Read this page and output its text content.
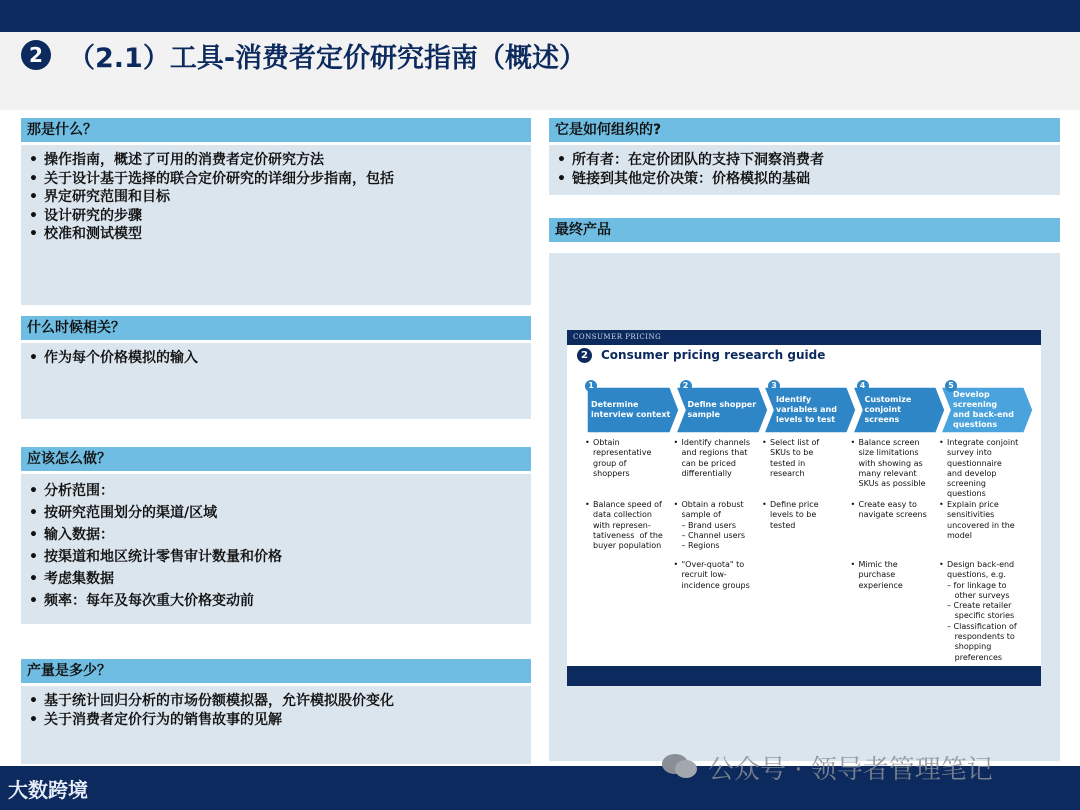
2 （2.1）工具-消费者定价研究指南（概述）
那是什么？
• 操作指南，概述了可用的消费者定价研究方法
• 关于设计基于选择的联合定价研究的详细分步指南，包括
• 界定研究范围和目标
• 设计研究的步骤
• 校准和测试模型
什么时候相关？
• 作为每个价格模拟的输入
应该怎么做？
• 分析范围：
• 按研究范围划分的渠道/区域
• 输入数据：
• 按渠道和地区统计零售审计数量和价格
• 考虑集数据
• 频率：每年及每次重大价格变动前
产量是多少？
• 基于统计回归分析的市场份额模拟器，允许模拟股价变化
• 关于消费者定价行为的销售故事的见解
它是如何组织的?
• 所有者：在定价团队的支持下洞察消费者
• 链接到其他定价决策：价格模拟的基础
最终产品
CONSUMER PRICING
2	Consumer pricing research guide
Determine
interview context
1
• Obtain
representative
group of
shoppers
• Balance speed of
data collection
with represen-
tativeness  of the
buyer population
Define shopper
sample
2
• Identify channels
and regions that
can be priced
differentially
• Obtain a robust
sample of
– Brand users
– Channel users
– Regions
• "Over-quota" to
recruit low-
incidence groups
Identify
variables and
levels to test
3
• Select list of
SKUs to be
tested in
research
• Define price
levels to be
tested
Customize
conjoint
screens
4
• Balance screen
size limitations
with showing as
many relevant
SKUs as possible
• Create easy to
navigate screens
• Mimic the
purchase
experience
Develop
screening
and back-end
questions
5
• Integrate conjoint
survey into
questionnaire
and develop
screening
questions
• Explain price
sensitivities
uncovered in the
model
• Design back-end
questions, e.g.
– for linkage to
other surveys
– Create retailer
specific stories
– Classification of
respondents to
shopping
preferences
大数跨境
公众号 · 领导者管理笔记
